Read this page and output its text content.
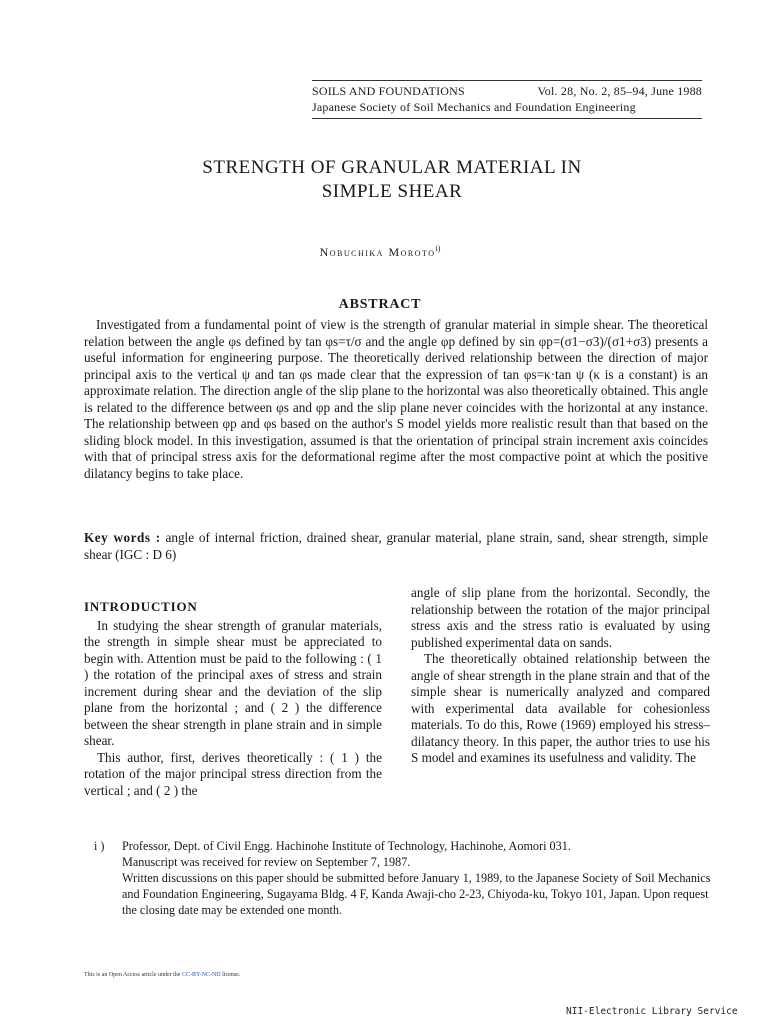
SOILS AND FOUNDATIONS	Vol. 28, No. 2, 85–94, June 1988
Japanese Society of Soil Mechanics and Foundation Engineering
STRENGTH OF GRANULAR MATERIAL IN
SIMPLE SHEAR
Nobuchika Moroto$^{i)}$
ABSTRACT
Investigated from a fundamental point of view is the strength of granular material in simple shear. The theoretical relation between the angle φs defined by tan φs=τ/σ and the angle φp defined by sin φp=(σ1−σ3)/(σ1+σ3) presents a useful information for engineering purpose. The theoretically derived relationship between the direction of major principal axis to the vertical ψ and tan φs made clear that the expression of tan φs=κ·tan ψ (κ is a constant) is an approximate relation. The direction angle of the slip plane to the horizontal was also theoretically obtained. This angle is related to the difference between φs and φp and the slip plane never coincides with the horizontal at any instance. The relationship between φp and φs based on the author's S model yields more realistic result than that based on the sliding block model. In this investigation, assumed is that the orientation of principal strain increment axis coincides with that of principal stress axis for the deformational regime after the most compactive point at which the positive dilatancy begins to take place.
Key words : angle of internal friction, drained shear, granular material, plane strain, sand, shear strength, simple shear (IGC : D 6)
INTRODUCTION

In studying the shear strength of granular materials, the strength in simple shear must be appreciated to begin with. Attention must be paid to the following : ( 1 ) the rotation of the principal axes of stress and strain increment during shear and the deviation of the slip plane from the horizontal ; and ( 2 ) the difference between the shear strength in plane strain and in simple shear.

This author, first, derives theoretically : ( 1 ) the rotation of the major principal stress direction from the vertical ; and ( 2 ) the

angle of slip plane from the horizontal. Secondly, the relationship between the rotation of the major principal stress axis and the stress ratio is evaluated by using published experimental data on sands.

The theoretically obtained relationship between the angle of shear strength in the plane strain and that of the simple shear is numerically analyzed and compared with experimental data available for cohesionless materials. To do this, Rowe (1969) employed his stress–dilatancy theory. In this paper, the author tries to use his S model and examines its usefulness and validity. The

i )	Professor, Dept. of Civil Engg. Hachinohe Institute of Technology, Hachinohe, Aomori 031.
Manuscript was received for review on September 7, 1987.
Written discussions on this paper should be submitted before January 1, 1989, to the Japanese Society of Soil Mechanics and Foundation Engineering, Sugayama Bldg. 4 F, Kanda Awaji-cho 2-23, Chiyoda-ku, Tokyo 101, Japan. Upon request the closing date may be extended one month.
This is an Open Access article under the CC-BY-NC-ND license.
NII-Electronic Library Service
